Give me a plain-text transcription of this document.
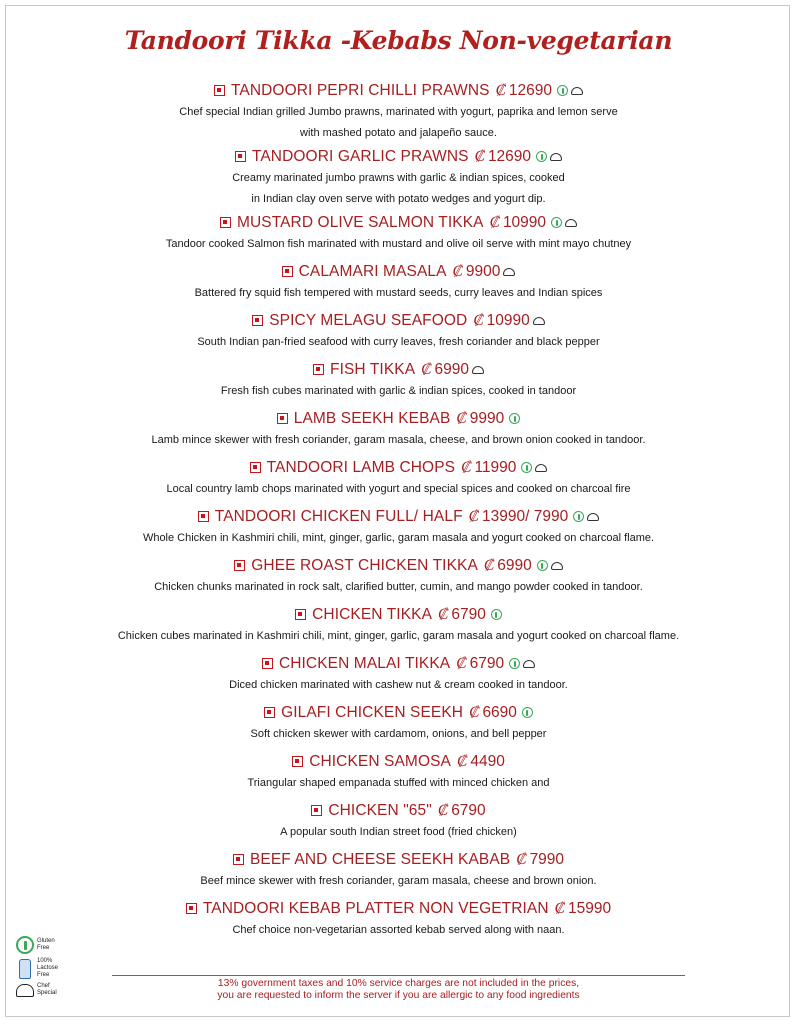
Tandoori Tikka -Kebabs Non-vegetarian
TANDOORI PEPRI CHILLI PRAWNS ₡ 12690
Chef special Indian grilled Jumbo prawns, marinated with yogurt, paprika and lemon serve
with mashed potato and jalapeño sauce.
TANDOORI GARLIC PRAWNS ₡ 12690
Creamy marinated jumbo prawns with garlic & indian spices, cooked
in Indian clay oven serve with potato wedges and yogurt dip.
MUSTARD OLIVE SALMON TIKKA ₡ 10990
Tandoor cooked Salmon fish marinated with mustard and olive oil serve with mint mayo chutney
CALAMARI MASALA ₡ 9900
Battered fry squid fish tempered with mustard seeds, curry leaves and Indian spices
SPICY MELAGU SEAFOOD ₡ 10990
South Indian pan-fried seafood with curry leaves, fresh coriander and black pepper
FISH TIKKA ₡ 6990
Fresh fish cubes marinated with garlic & indian spices, cooked in tandoor
LAMB SEEKH KEBAB ₡ 9990
Lamb mince skewer with fresh coriander, garam masala, cheese, and brown onion cooked in tandoor.
TANDOORI LAMB CHOPS ₡ 11990
Local country lamb chops marinated with yogurt and special spices and cooked on charcoal fire
TANDOORI CHICKEN FULL/ HALF ₡ 13990/ 7990
Whole Chicken in Kashmiri chili, mint, ginger, garlic, garam masala and yogurt cooked on charcoal flame.
GHEE ROAST CHICKEN TIKKA ₡ 6990
Chicken chunks marinated in rock salt, clarified butter, cumin, and mango powder cooked in tandoor.
CHICKEN TIKKA ₡ 6790
Chicken cubes marinated in Kashmiri chili, mint, ginger, garlic, garam masala and yogurt cooked on charcoal flame.
CHICKEN MALAI TIKKA ₡ 6790
Diced chicken marinated with cashew nut & cream cooked in tandoor.
GILAFI CHICKEN SEEKH ₡ 6690
Soft chicken skewer with cardamom, onions, and bell pepper
CHICKEN SAMOSA ₡ 4490
Triangular shaped empanada stuffed with minced chicken and
CHICKEN "65" ₡ 6790
A popular south Indian street food (fried chicken)
BEEF AND CHEESE SEEKH KABAB ₡ 7990
Beef mince skewer with fresh coriander, garam masala, cheese and brown onion.
TANDOORI KEBAB PLATTER NON VEGETRIAN ₡ 15990
Chef choice non-vegetarian assorted kebab served along with naan.
Gluten
Free
100%
Lactose
Free
Chef
Special
13% government taxes and 10% service charges are not included in the prices,
you are requested to inform the server if you are allergic to any food ingredients
